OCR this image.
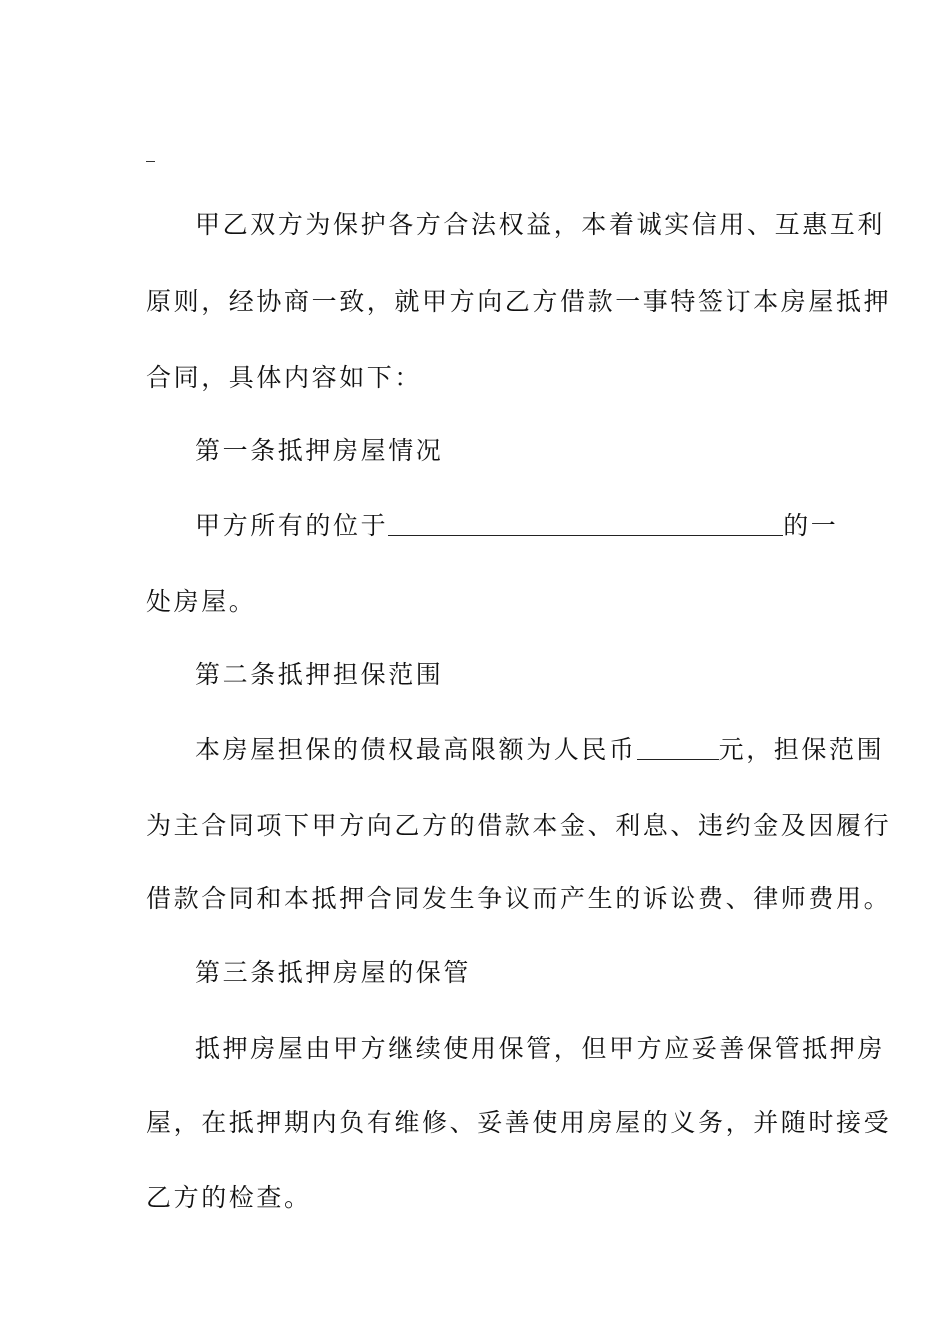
甲乙双方为保护各方合法权益，本着诚实信用、互惠互利
原则，经协商一致，就甲方向乙方借款一事特签订本房屋抵押
合同，具体内容如下：
第一条抵押房屋情况
甲方所有的位于	的一
处房屋。
第二条抵押担保范围
本房屋担保的债权最高限额为人民币	元，担保范围
为主合同项下甲方向乙方的借款本金、利息、违约金及因履行
借款合同和本抵押合同发生争议而产生的诉讼费、律师费用。
第三条抵押房屋的保管
抵押房屋由甲方继续使用保管，但甲方应妥善保管抵押房
屋，在抵押期内负有维修、妥善使用房屋的义务，并随时接受
乙方的检查。
